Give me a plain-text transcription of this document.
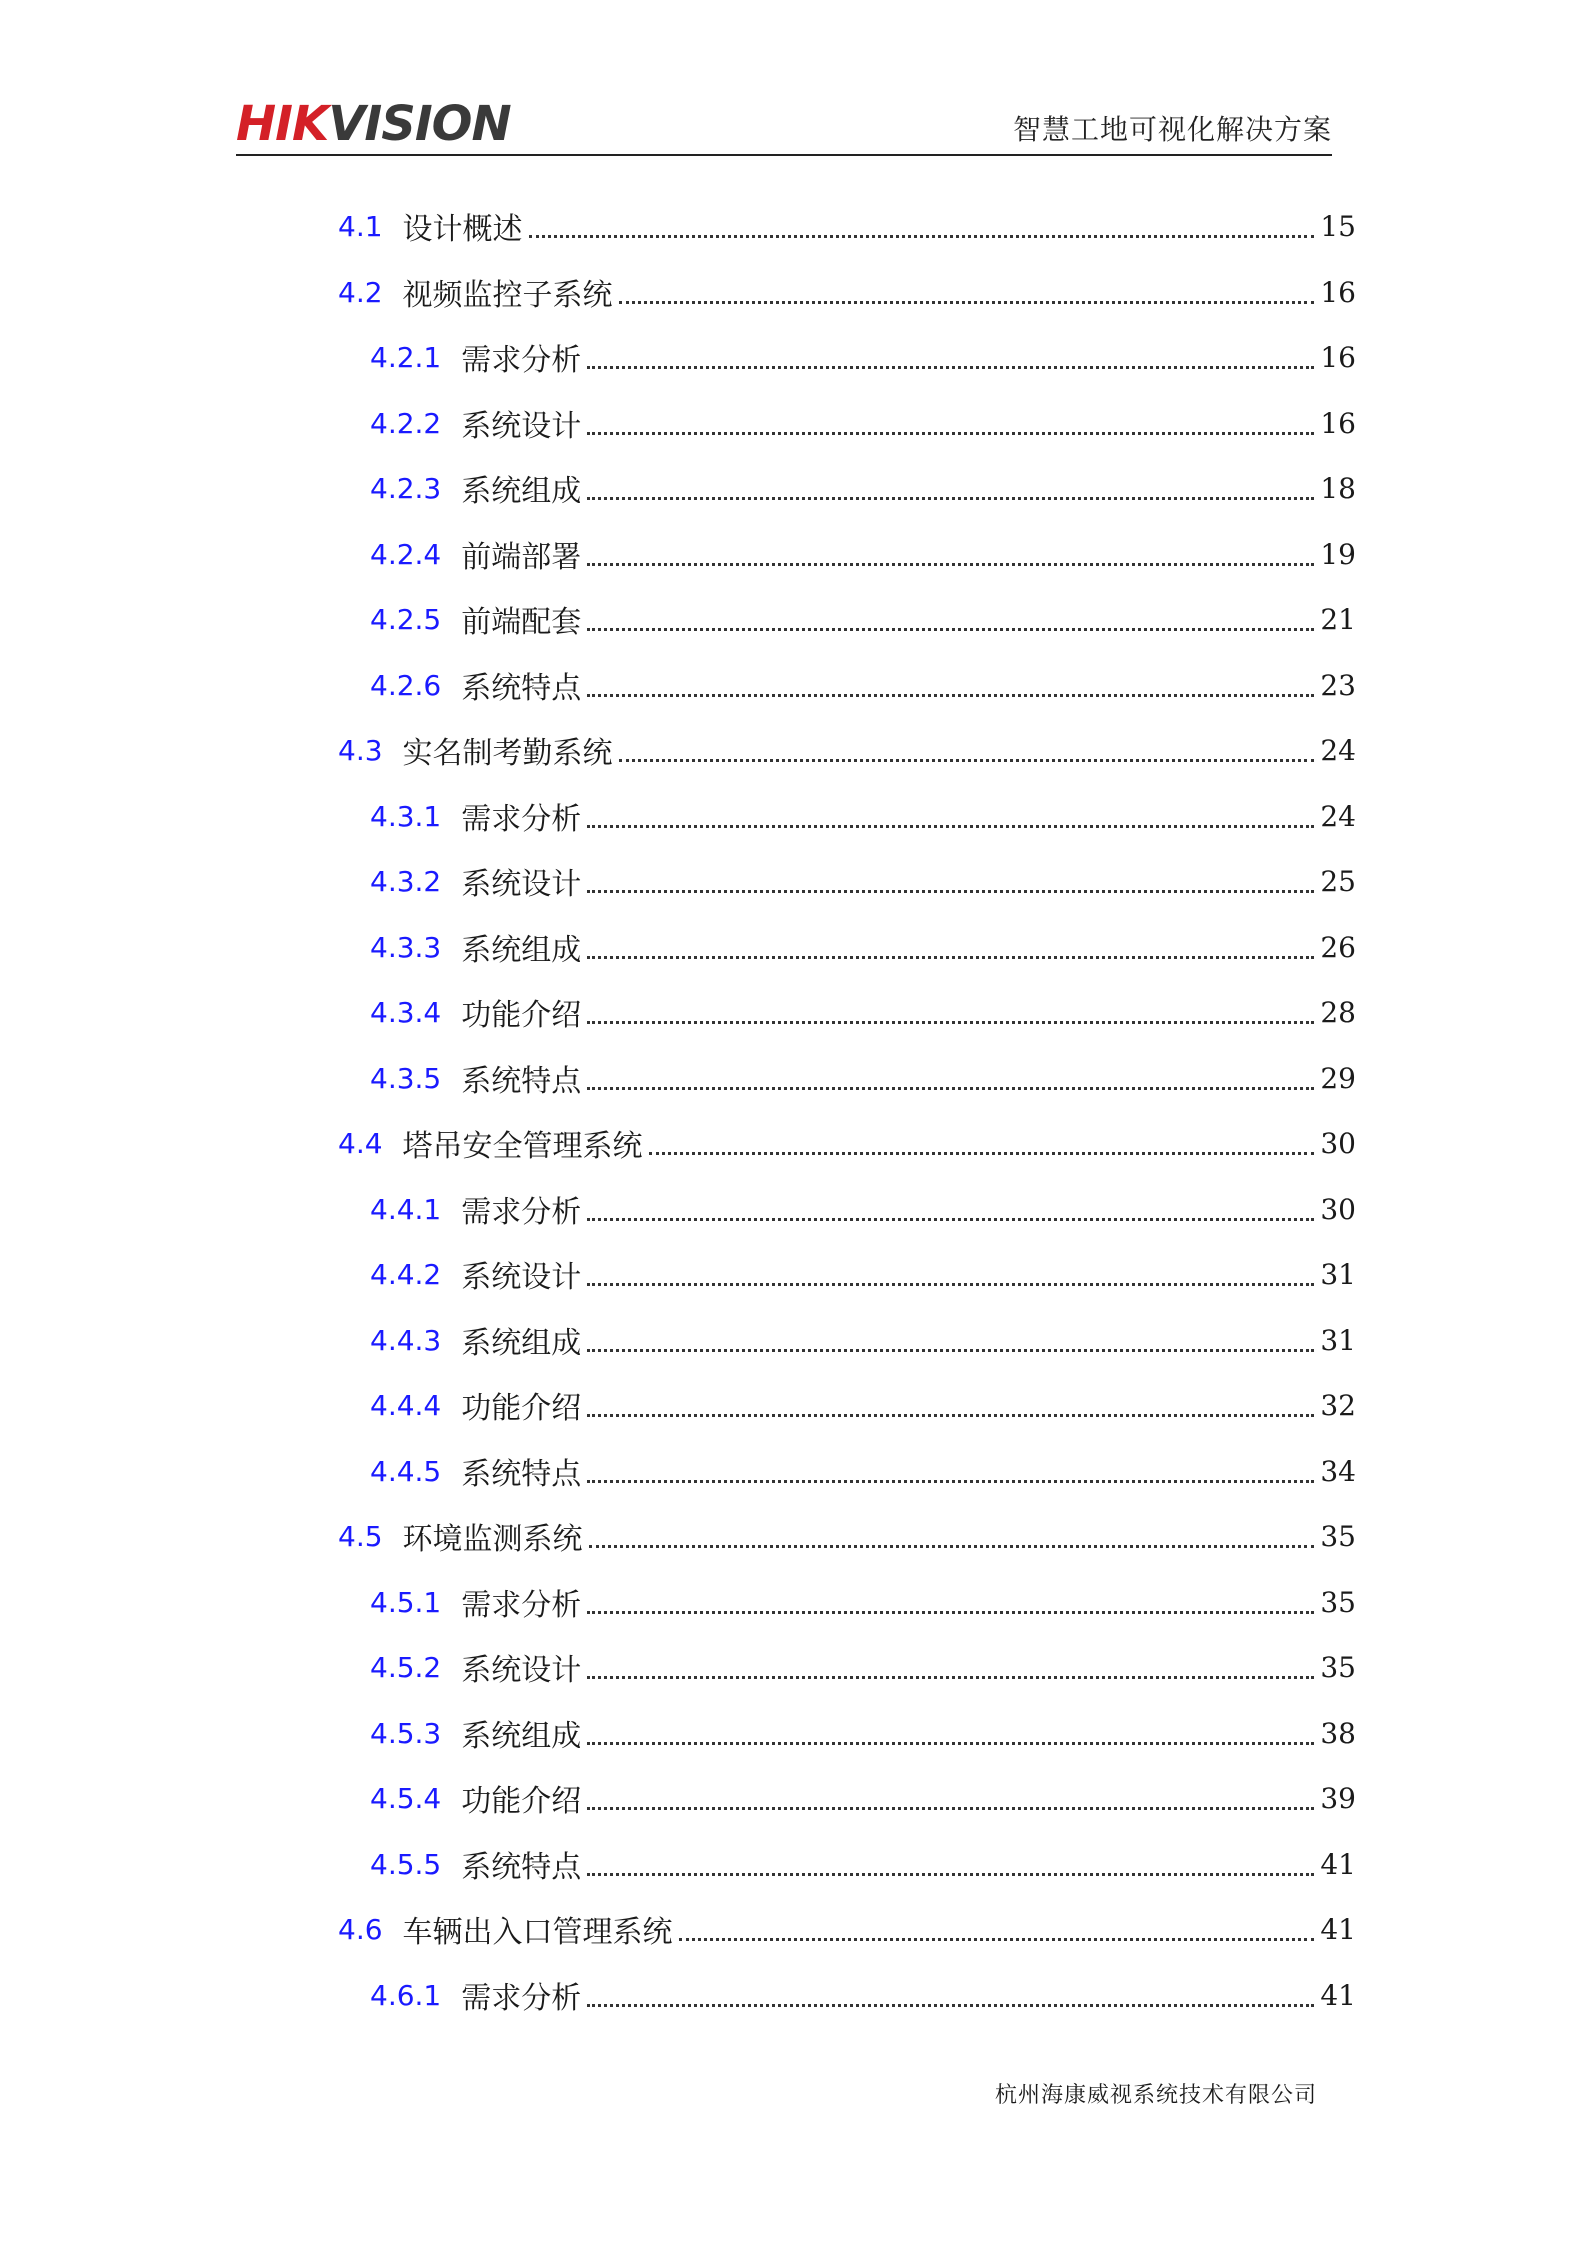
HIKVISION	智慧工地可视化解决方案
4.1 设计概述	15
4.2 视频监控子系统	16
4.2.1 需求分析	16
4.2.2 系统设计	16
4.2.3 系统组成	18
4.2.4 前端部署	19
4.2.5 前端配套	21
4.2.6 系统特点	23
4.3 实名制考勤系统	24
4.3.1 需求分析	24
4.3.2 系统设计	25
4.3.3 系统组成	26
4.3.4 功能介绍	28
4.3.5 系统特点	29
4.4 塔吊安全管理系统	30
4.4.1 需求分析	30
4.4.2 系统设计	31
4.4.3 系统组成	31
4.4.4 功能介绍	32
4.4.5 系统特点	34
4.5 环境监测系统	35
4.5.1 需求分析	35
4.5.2 系统设计	35
4.5.3 系统组成	38
4.5.4 功能介绍	39
4.5.5 系统特点	41
4.6 车辆出入口管理系统	41
4.6.1 需求分析	41
杭州海康威视系统技术有限公司
